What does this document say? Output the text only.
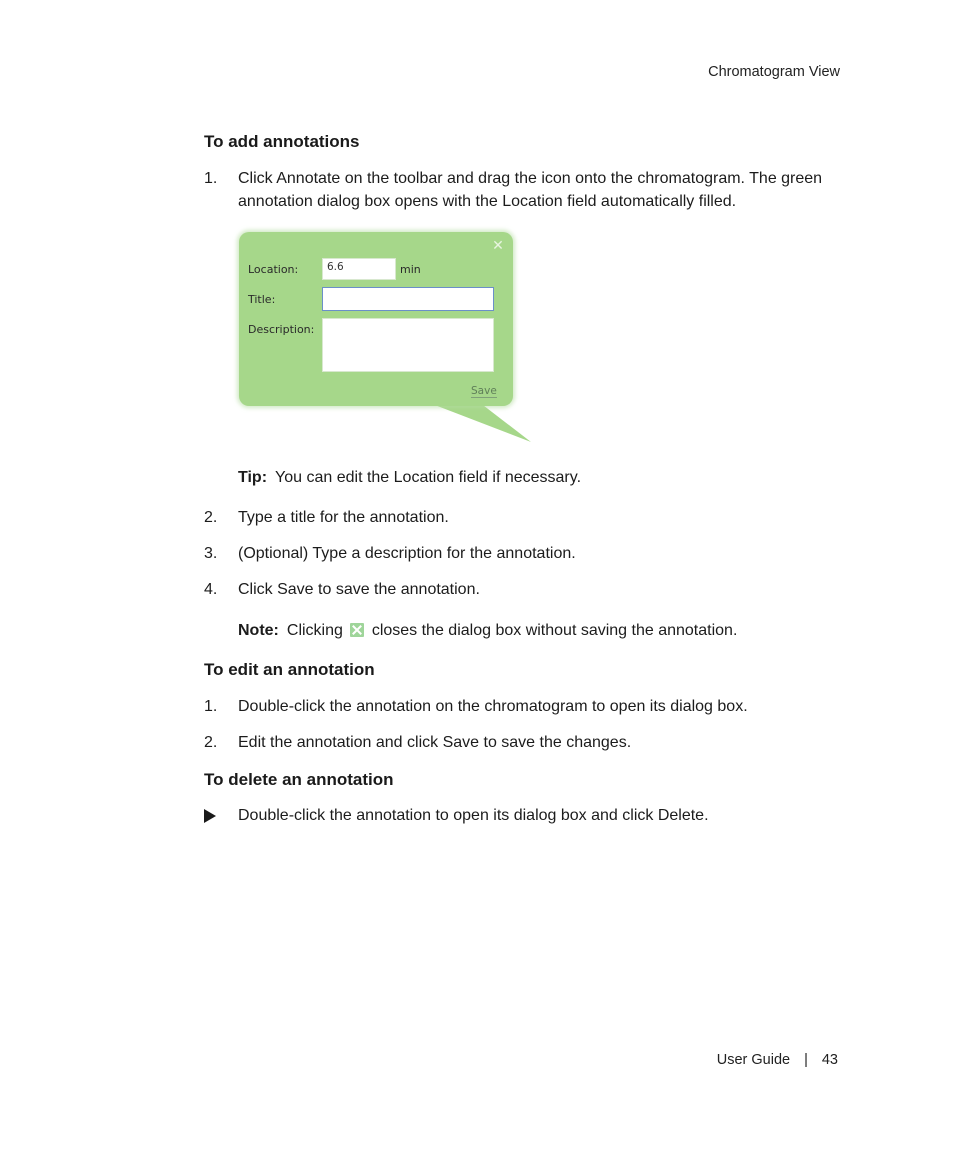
Chromatogram View
To add annotations
1. Click Annotate on the toolbar and drag the icon onto the chromatogram. The green annotation dialog box opens with the Location field automatically filled.
✕
Location:	6.6	min
Title:
Description:
Save
Tip: You can edit the Location field if necessary.
2. Type a title for the annotation.
3. (Optional) Type a description for the annotation.
4. Click Save to save the annotation.
Note: Clicking closes the dialog box without saving the annotation.
To edit an annotation
1. Double-click the annotation on the chromatogram to open its dialog box.
2. Edit the annotation and click Save to save the changes.
To delete an annotation
Double-click the annotation to open its dialog box and click Delete.
User Guide | 43
